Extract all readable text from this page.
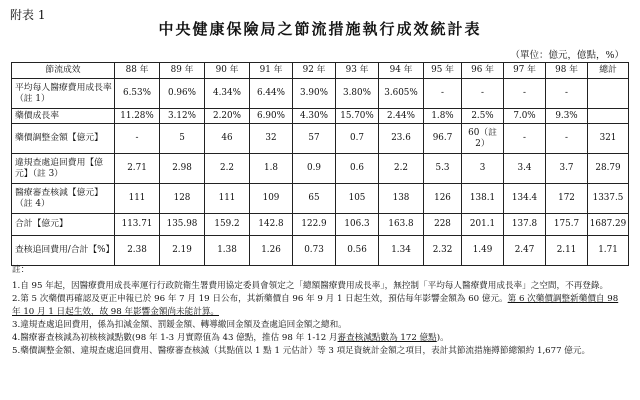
附表 1
中央健康保險局之節流措施執行成效統計表
（單位：億元，億點，%）
節流成效	88 年	89 年	90 年	91 年	92 年	93 年	94 年	95 年	96 年	97 年	98 年	總計
平均每人醫療費用成長率（註 1）	6.53%	0.96%	4.34%	6.44%	3.90%	3.80%	3.605%	-	-	-	-	
藥價成長率	11.28%	3.12%	2.20%	6.90%	4.30%	15.70%	2.44%	1.8%	2.5%	7.0%	9.3%	
藥價調整金額【億元】	-	5	46	32	57	0.7	23.6	96.7	60（註 2）	-	-	321
違規查處追回費用【億元】（註 3）	2.71	2.98	2.2	1.8	0.9	0.6	2.2	5.3	3	3.4	3.7	28.79
醫療審查核減【億元】（註 4）	111	128	111	109	65	105	138	126	138.1	134.4	172	1337.5
合計【億元】	113.71	135.98	159.2	142.8	122.9	106.3	163.8	228	201.1	137.8	175.7	1687.29
查核追回費用/合計【%】	2.38	2.19	1.38	1.26	0.73	0.56	1.34	2.32	1.49	2.47	2.11	1.71
註：
1.自 95 年起，因醫療費用成長率運行行政院衛生署費用協定委員會領定之「總額醫療費用成長率」，無控制「平均每人醫療費用成長率」之空間，不再登錄。
2.第 5 次藥價再確認及更正申報已於 96 年 7 月 19 日公布，其新藥價自 96 年 9 月 1 日起生效，預估每年影響金額為 60 億元。第 6 次藥價調整新藥價自 98 年 10 月 1 日起生效，故 98 年影響金額尚未能計算。
3.違規查處追回費用，係為扣減金額、罰鍰金額、轉導繳回金額及查處追回金額之總和。
4.醫療審查核減為初核核減點數(98 年 1-3 月實際值為 43 億點，推估 98 年 1-12 月審查核減點數為 172 億點)。
5.藥價調整金額、違規查處追回費用、醫療審查核減（其點值以 1 點 1 元估計）等 3 項足資統計金額之項目，表計其節流措施撙節總額約 1,677 億元。
